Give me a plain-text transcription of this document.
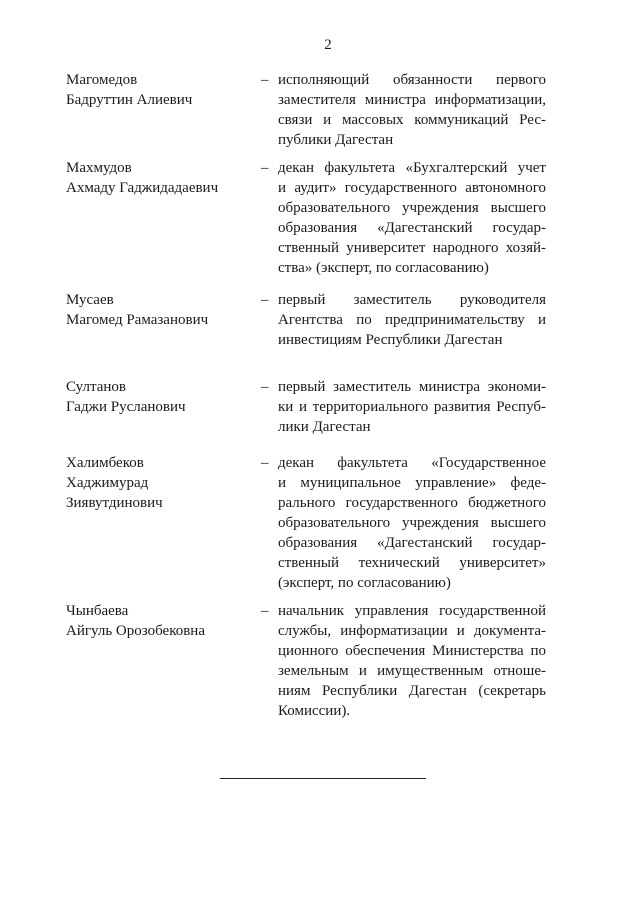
2
Магомедов
Бадруттин Алиевич
– исполняющий обязанности первого
заместителя министра информатизации,
связи и массовых коммуникаций Рес-
публики Дагестан
Махмудов
Ахмаду Гаджидадаевич
– декан факультета «Бухгалтерский учет
и аудит» государственного автономного
образовательного учреждения высшего
образования «Дагестанский государ-
ственный университет народного хозяй-
ства» (эксперт, по согласованию)
Мусаев
Магомед Рамазанович
– первый заместитель руководителя
Агентства по предпринимательству и
инвестициям Республики Дагестан
Султанов
Гаджи Русланович
– первый заместитель министра экономи-
ки и территориального развития Респуб-
лики Дагестан
Халимбеков
Хаджимурад
Зиявутдинович
– декан факультета «Государственное
и муниципальное управление» феде-
рального государственного бюджетного
образовательного учреждения высшего
образования «Дагестанский государ-
ственный технический университет»
(эксперт, по согласованию)
Чынбаева
Айгуль Орозобековна
– начальник управления государственной
службы, информатизации и документа-
ционного обеспечения Министерства по
земельным и имущественным отноше-
ниям Республики Дагестан (секретарь
Комиссии).
